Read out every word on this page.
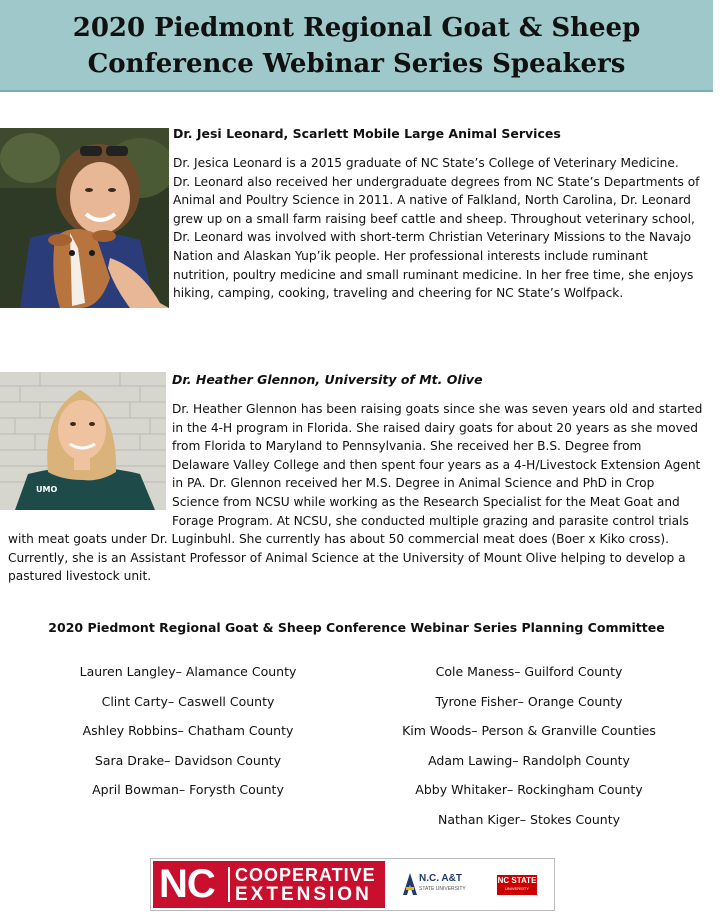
2020 Piedmont Regional Goat & Sheep
Conference Webinar Series Speakers
Dr. Jesi Leonard, Scarlett Mobile Large Animal Services
Dr. Jesica Leonard is a 2015 graduate of NC State’s College of Veterinary Medicine.
Dr. Leonard also received her undergraduate degrees from NC State’s Departments of
Animal and Poultry Science in 2011. A native of Falkland, North Carolina, Dr. Leonard
grew up on a small farm raising beef cattle and sheep. Throughout veterinary school,
Dr. Leonard was involved with short-term Christian Veterinary Missions to the Navajo
Nation and Alaskan Yup’ik people. Her professional interests include ruminant
nutrition, poultry medicine and small ruminant medicine. In her free time, she enjoys
hiking, camping, cooking, traveling and cheering for NC State’s Wolfpack.
UMO
Dr. Heather Glennon, University of Mt. Olive
Dr. Heather Glennon has been raising goats since she was seven years old and started
in the 4-H program in Florida. She raised dairy goats for about 20 years as she moved
from Florida to Maryland to Pennsylvania. She received her B.S. Degree from
Delaware Valley College and then spent four years as a 4-H/Livestock Extension Agent
in PA. Dr. Glennon received her M.S. Degree in Animal Science and PhD in Crop
Science from NCSU while working as the Research Specialist for the Meat Goat and
Forage Program. At NCSU, she conducted multiple grazing and parasite control trials
with meat goats under Dr. Luginbuhl. She currently has about 50 commercial meat does (Boer x Kiko cross).
Currently, she is an Assistant Professor of Animal Science at the University of Mount Olive helping to develop a
pastured livestock unit.
2020 Piedmont Regional Goat & Sheep Conference Webinar Series Planning Committee
Lauren Langley– Alamance County
Clint Carty– Caswell County
Ashley Robbins– Chatham County
Sara Drake– Davidson County
April Bowman– Forysth County
Cole Maness– Guilford County
Tyrone Fisher– Orange County
Kim Woods– Person & Granville Counties
Adam Lawing– Randolph County
Abby Whitaker– Rockingham County
Nathan Kiger– Stokes County
NC COOPERATIVE
EXTENSION
N.C. A&T
STATE UNIVERSITY
NC STATE
UNIVERSITY
